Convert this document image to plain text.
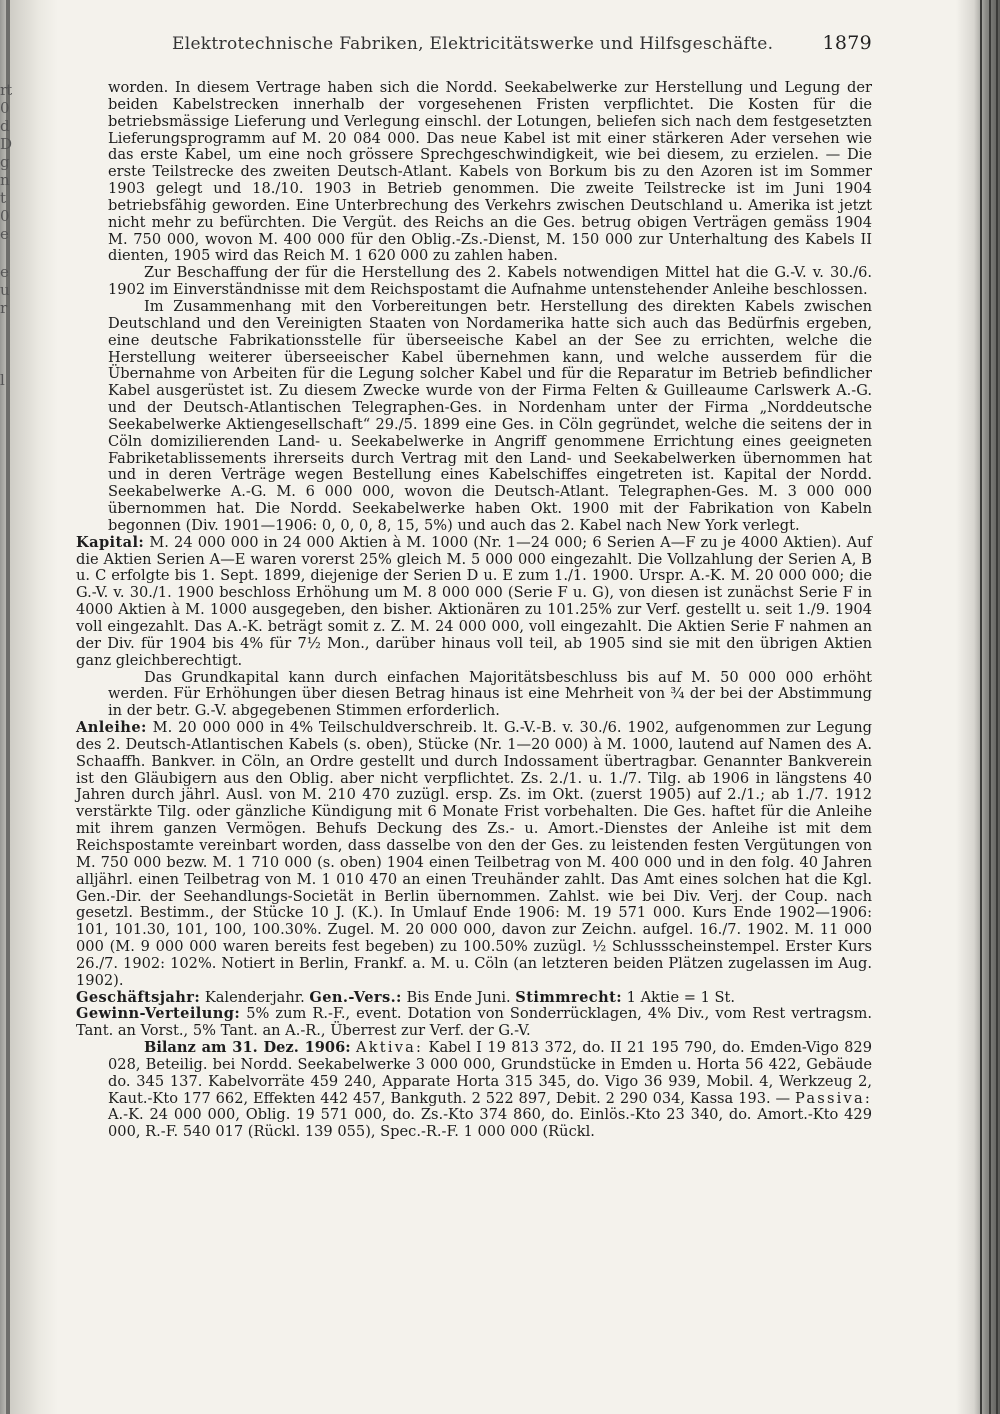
rt
0
d
D
g
n
t
0
e
e
u
r
l
Elektrotechnische Fabriken, Elektricitätswerke und Hilfsgeschäfte.	1879

worden. In diesem Vertrage haben sich die Nordd. Seekabelwerke zur Herstellung und Legung der beiden Kabelstrecken innerhalb der vorgesehenen Fristen verpflichtet. Die Kosten für die betriebsmässige Lieferung und Verlegung einschl. der Lotungen, beliefen sich nach dem festgesetzten Lieferungsprogramm auf M. 20 084 000. Das neue Kabel ist mit einer stärkeren Ader versehen wie das erste Kabel, um eine noch grössere Sprechgeschwindigkeit, wie bei diesem, zu erzielen. — Die erste Teilstrecke des zweiten Deutsch-Atlant. Kabels von Borkum bis zu den Azoren ist im Sommer 1903 gelegt und 18./10. 1903 in Betrieb genommen. Die zweite Teilstrecke ist im Juni 1904 betriebsfähig geworden. Eine Unterbrechung des Verkehrs zwischen Deutschland u. Amerika ist jetzt nicht mehr zu befürchten. Die Vergüt. des Reichs an die Ges. betrug obigen Verträgen gemäss 1904 M. 750 000, wovon M. 400 000 für den Oblig.-Zs.-Dienst, M. 150 000 zur Unterhaltung des Kabels II dienten, 1905 wird das Reich M. 1 620 000 zu zahlen haben.

Zur Beschaffung der für die Herstellung des 2. Kabels notwendigen Mittel hat die G.-V. v. 30./6. 1902 im Einverständnisse mit dem Reichspostamt die Aufnahme untenstehender Anleihe beschlossen.

Im Zusammenhang mit den Vorbereitungen betr. Herstellung des direkten Kabels zwischen Deutschland und den Vereinigten Staaten von Nordamerika hatte sich auch das Bedürfnis ergeben, eine deutsche Fabrikationsstelle für überseeische Kabel an der See zu errichten, welche die Herstellung weiterer überseeischer Kabel übernehmen kann, und welche ausserdem für die Übernahme von Arbeiten für die Legung solcher Kabel und für die Reparatur im Betrieb befindlicher Kabel ausgerüstet ist. Zu diesem Zwecke wurde von der Firma Felten & Guilleaume Carlswerk A.-G. und der Deutsch-Atlantischen Telegraphen-Ges. in Nordenham unter der Firma „Norddeutsche Seekabelwerke Aktiengesellschaft“ 29./5. 1899 eine Ges. in Cöln gegründet, welche die seitens der in Cöln domizilierenden Land- u. Seekabelwerke in Angriff genommene Errichtung eines geeigneten Fabriketablissements ihrerseits durch Vertrag mit den Land- und Seekabelwerken übernommen hat und in deren Verträge wegen Bestellung eines Kabelschiffes eingetreten ist. Kapital der Nordd. Seekabelwerke A.-G. M. 6 000 000, wovon die Deutsch-Atlant. Telegraphen-Ges. M. 3 000 000 übernommen hat. Die Nordd. Seekabelwerke haben Okt. 1900 mit der Fabrikation von Kabeln begonnen (Div. 1901—1906: 0, 0, 0, 8, 15, 5%) und auch das 2. Kabel nach New York verlegt.

Kapital: M. 24 000 000 in 24 000 Aktien à M. 1000 (Nr. 1—24 000; 6 Serien A—F zu je 4000 Aktien). Auf die Aktien Serien A—E waren vorerst 25% gleich M. 5 000 000 eingezahlt. Die Vollzahlung der Serien A, B u. C erfolgte bis 1. Sept. 1899, diejenige der Serien D u. E zum 1./1. 1900. Urspr. A.-K. M. 20 000 000; die G.-V. v. 30./1. 1900 beschloss Erhöhung um M. 8 000 000 (Serie F u. G), von diesen ist zunächst Serie F in 4000 Aktien à M. 1000 ausgegeben, den bisher. Aktionären zu 101.25% zur Verf. gestellt u. seit 1./9. 1904 voll eingezahlt. Das A.-K. beträgt somit z. Z. M. 24 000 000, voll eingezahlt. Die Aktien Serie F nahmen an der Div. für 1904 bis 4% für 7½ Mon., darüber hinaus voll teil, ab 1905 sind sie mit den übrigen Aktien ganz gleichberechtigt.

Das Grundkapital kann durch einfachen Majoritätsbeschluss bis auf M. 50 000 000 erhöht werden. Für Erhöhungen über diesen Betrag hinaus ist eine Mehrheit von ¾ der bei der Abstimmung in der betr. G.-V. abgegebenen Stimmen erforderlich.

Anleihe: M. 20 000 000 in 4% Teilschuldverschreib. lt. G.-V.-B. v. 30./6. 1902, aufgenommen zur Legung des 2. Deutsch-Atlantischen Kabels (s. oben), Stücke (Nr. 1—20 000) à M. 1000, lautend auf Namen des A. Schaaffh. Bankver. in Cöln, an Ordre gestellt und durch Indossament übertragbar. Genannter Bankverein ist den Gläubigern aus den Oblig. aber nicht verpflichtet. Zs. 2./1. u. 1./7. Tilg. ab 1906 in längstens 40 Jahren durch jährl. Ausl. von M. 210 470 zuzügl. ersp. Zs. im Okt. (zuerst 1905) auf 2./1.; ab 1./7. 1912 verstärkte Tilg. oder gänzliche Kündigung mit 6 Monate Frist vorbehalten. Die Ges. haftet für die Anleihe mit ihrem ganzen Vermögen. Behufs Deckung des Zs.- u. Amort.-Dienstes der Anleihe ist mit dem Reichspostamte vereinbart worden, dass dasselbe von den der Ges. zu leistenden festen Vergütungen von M. 750 000 bezw. M. 1 710 000 (s. oben) 1904 einen Teilbetrag von M. 400 000 und in den folg. 40 Jahren alljährl. einen Teilbetrag von M. 1 010 470 an einen Treuhänder zahlt. Das Amt eines solchen hat die Kgl. Gen.-Dir. der Seehandlungs-Societät in Berlin übernommen. Zahlst. wie bei Div. Verj. der Coup. nach gesetzl. Bestimm., der Stücke 10 J. (K.). In Umlauf Ende 1906: M. 19 571 000. Kurs Ende 1902—1906: 101, 101.30, 101, 100, 100.30%. Zugel. M. 20 000 000, davon zur Zeichn. aufgel. 16./7. 1902. M. 11 000 000 (M. 9 000 000 waren bereits fest begeben) zu 100.50% zuzügl. ½ Schlussscheinstempel. Erster Kurs 26./7. 1902: 102%. Notiert in Berlin, Frankf. a. M. u. Cöln (an letzteren beiden Plätzen zugelassen im Aug. 1902).

Geschäftsjahr: Kalenderjahr. Gen.-Vers.: Bis Ende Juni. Stimmrecht: 1 Aktie = 1 St.

Gewinn-Verteilung: 5% zum R.-F., event. Dotation von Sonderrücklagen, 4% Div., vom Rest vertragsm. Tant. an Vorst., 5% Tant. an A.-R., Überrest zur Verf. der G.-V.

Bilanz am 31. Dez. 1906: Aktiva: Kabel I 19 813 372, do. II 21 195 790, do. Emden-Vigo 829 028, Beteilig. bei Nordd. Seekabelwerke 3 000 000, Grundstücke in Emden u. Horta 56 422, Gebäude do. 345 137. Kabelvorräte 459 240, Apparate Horta 315 345, do. Vigo 36 939, Mobil. 4, Werkzeug 2, Kaut.-Kto 177 662, Effekten 442 457, Bankguth. 2 522 897, Debit. 2 290 034, Kassa 193. — Passiva: A.-K. 24 000 000, Oblig. 19 571 000, do. Zs.-Kto 374 860, do. Einlös.-Kto 23 340, do. Amort.-Kto 429 000, R.-F. 540 017 (Rückl. 139 055), Spec.-R.-F. 1 000 000 (Rückl.
